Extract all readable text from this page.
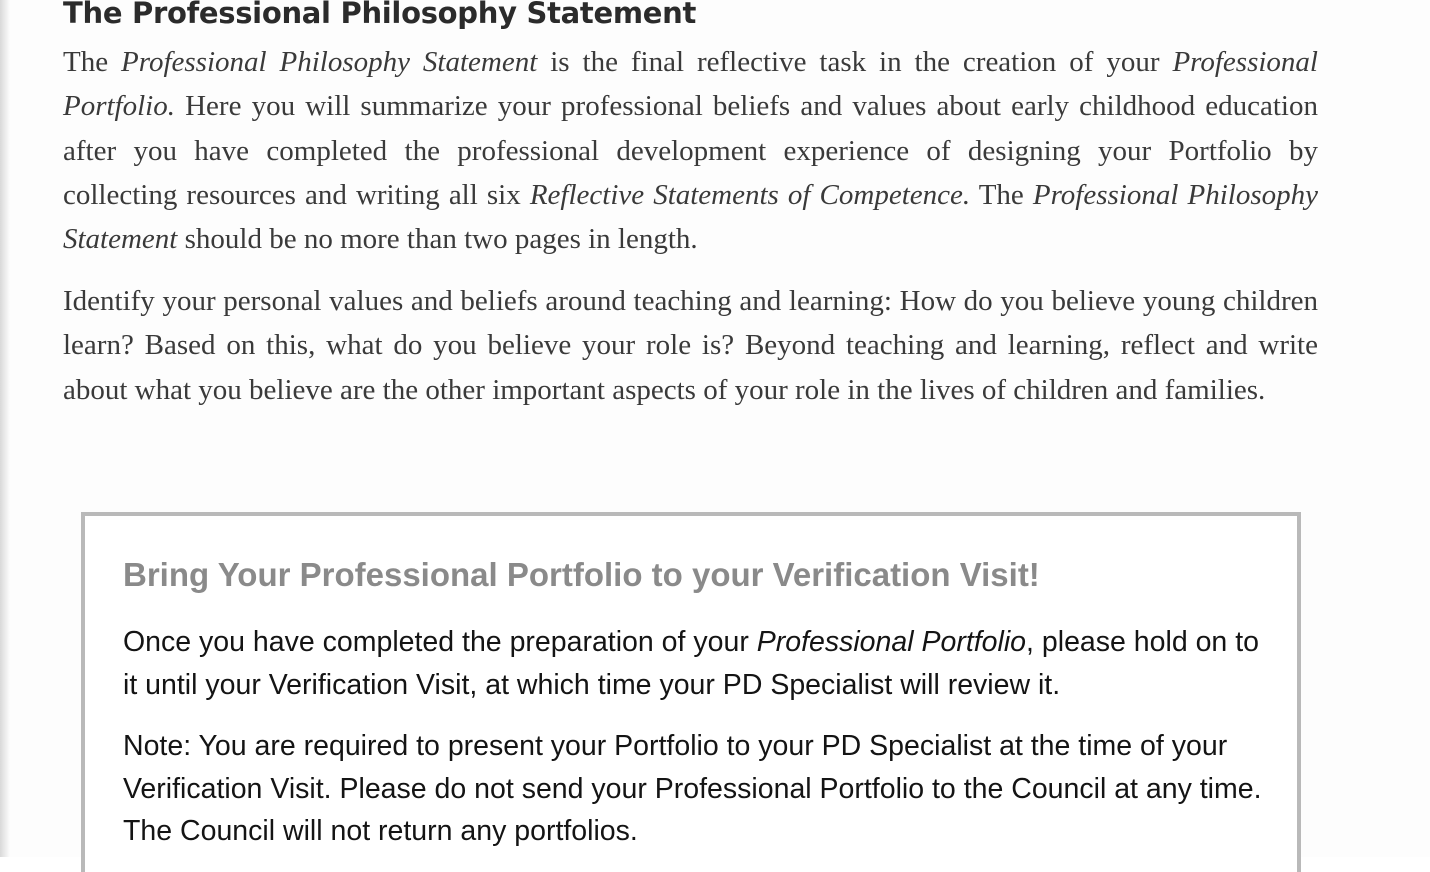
The Professional Philosophy Statement

The Professional Philosophy Statement is the final reflective task in the creation of your Professional Portfolio. Here you will summarize your professional beliefs and values about early childhood education after you have completed the professional development experience of designing your Portfolio by collecting resources and writing all six Reflective Statements of Competence. The Professional Philosophy Statement should be no more than two pages in length.

Identify your personal values and beliefs around teaching and learning: How do you believe young children learn? Based on this, what do you believe your role is? Beyond teaching and learning, reflect and write about what you believe are the other important aspects of your role in the lives of children and families.

Bring Your Professional Portfolio to your Verification Visit!

Once you have completed the preparation of your Professional Portfolio, please hold on to it until your Verification Visit, at which time your PD Specialist will review it.

Note: You are required to present your Portfolio to your PD Specialist at the time of your Verification Visit. Please do not send your Professional Portfolio to the Council at any time. The Council will not return any portfolios.
